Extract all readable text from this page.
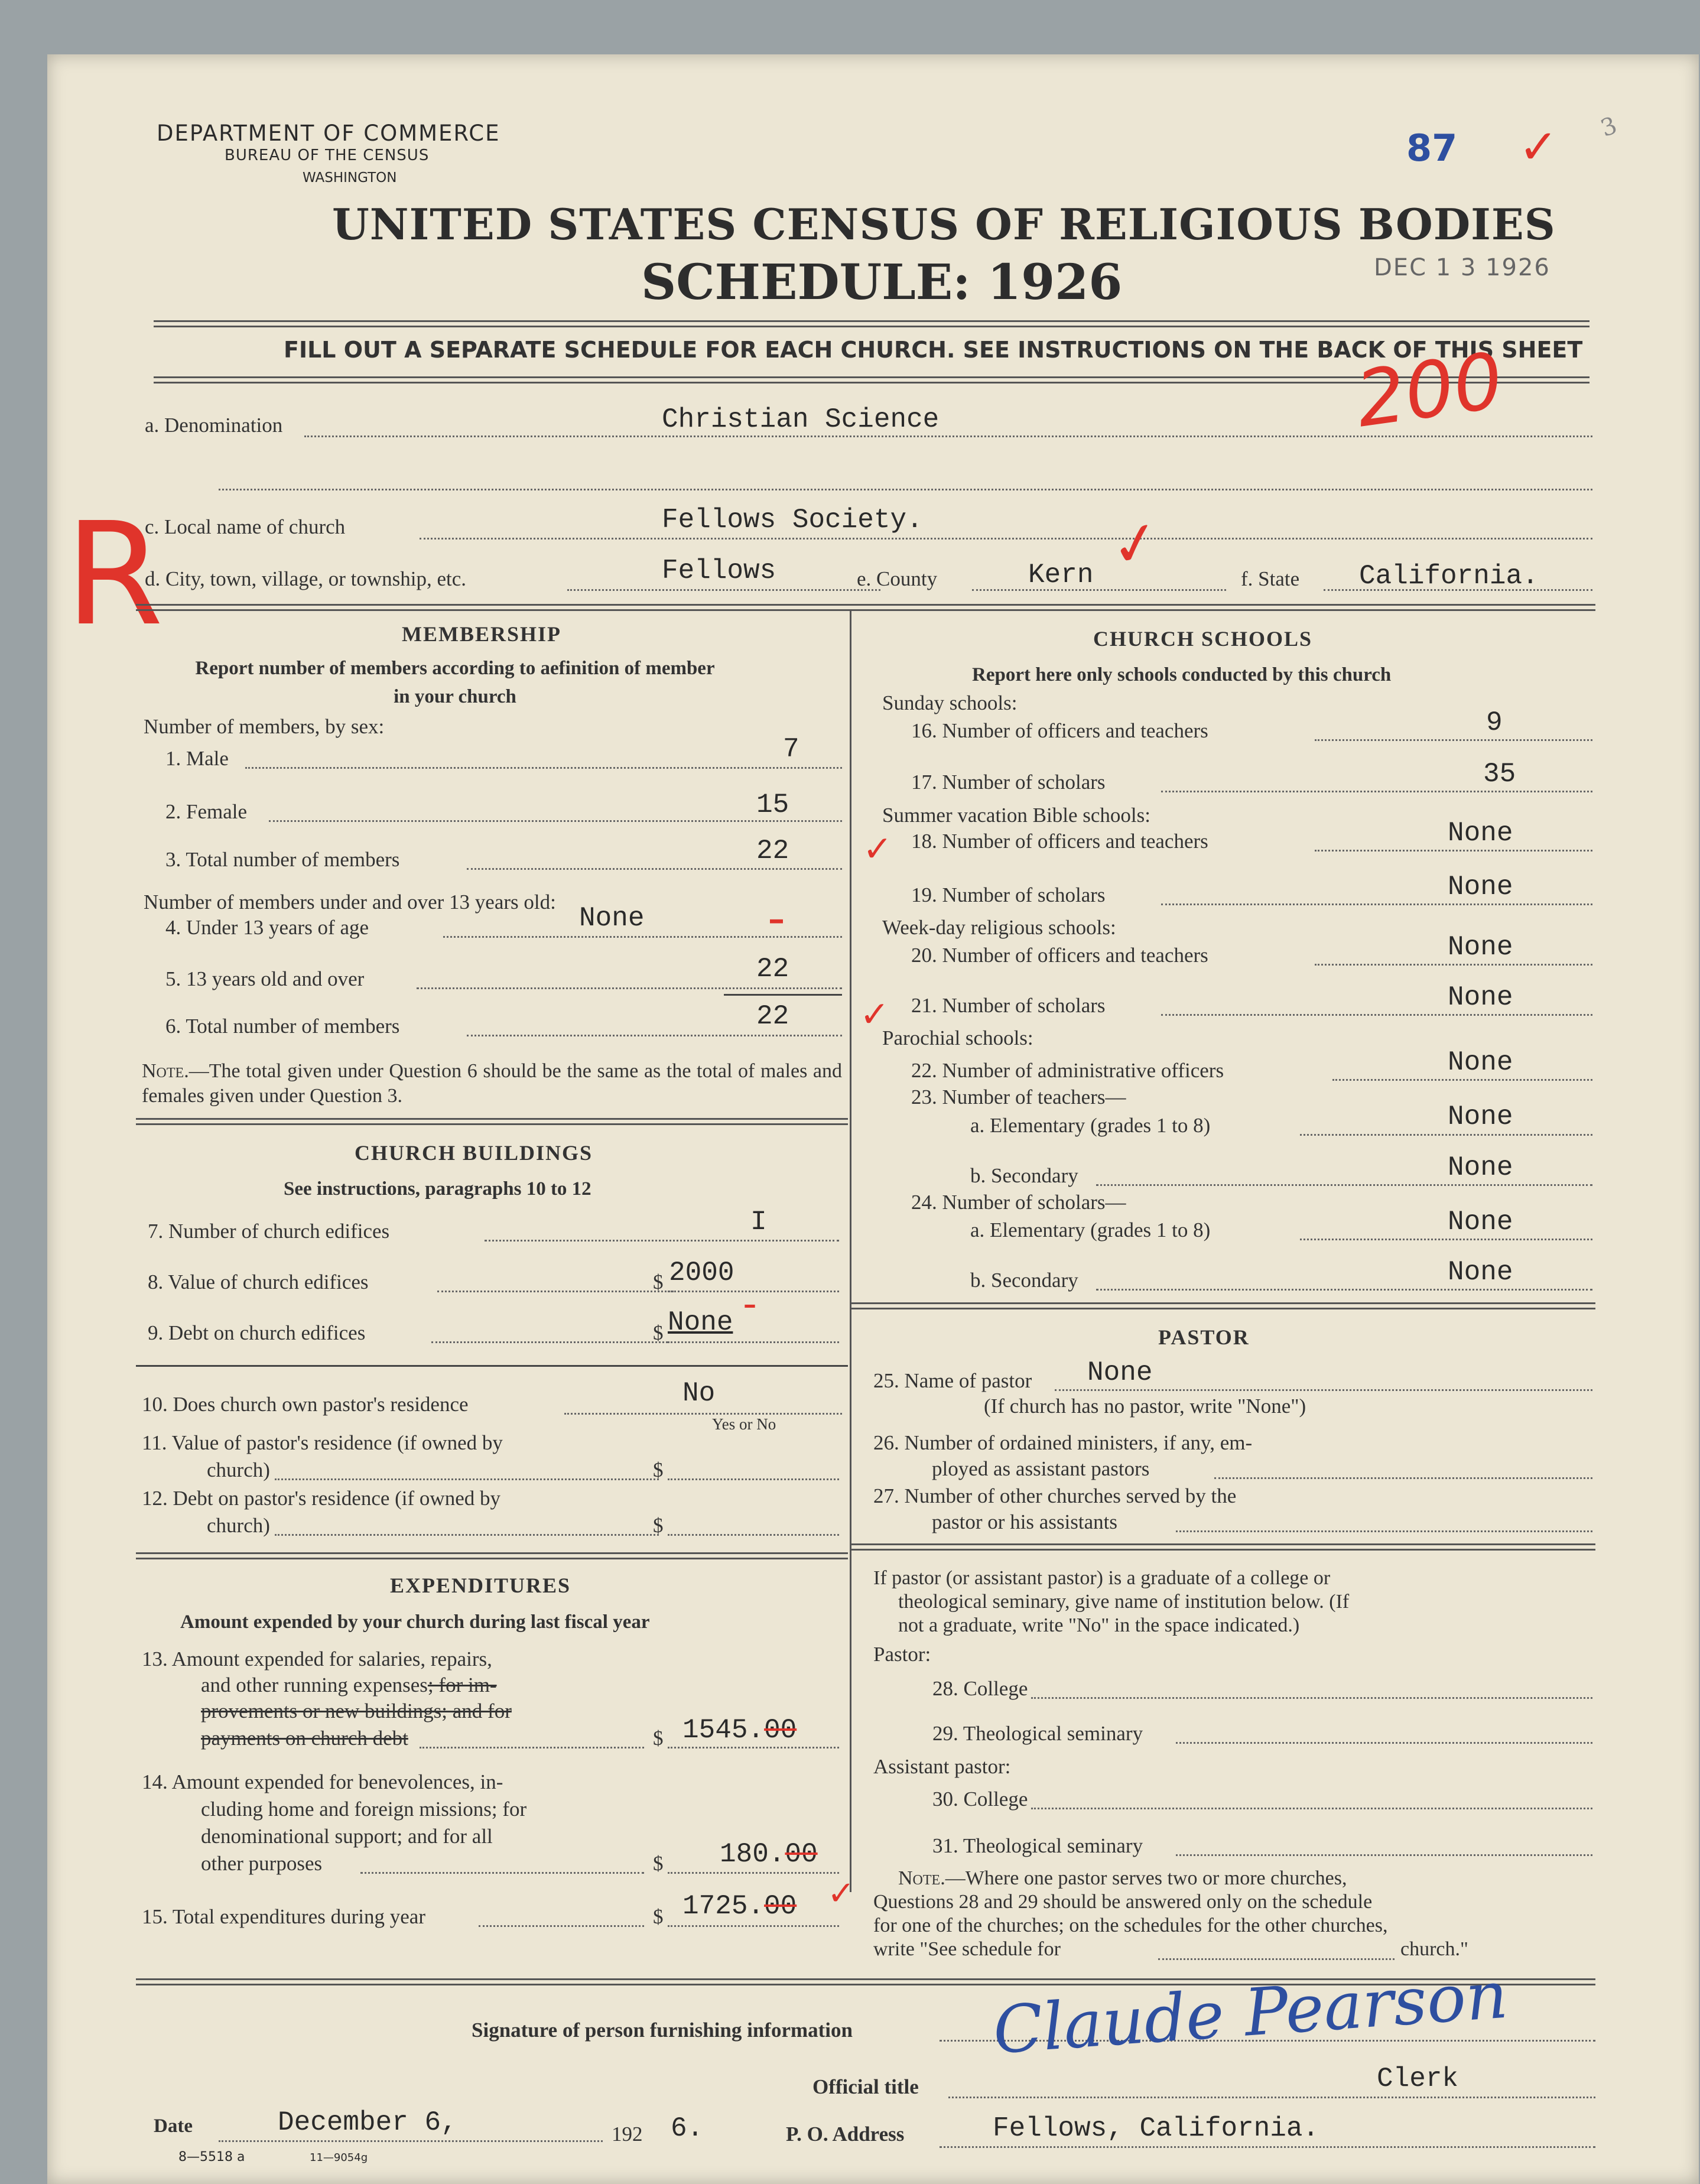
DEPARTMENT OF COMMERCE
BUREAU OF THE CENSUS
WASHINGTON
87 ✓ 3
UNITED STATES CENSUS OF RELIGIOUS BODIES
SCHEDULE: 1926	DEC 1 3 1926
FILL OUT A SEPARATE SCHEDULE FOR EACH CHURCH. SEE INSTRUCTIONS ON THE BACK OF THIS SHEET
200
R
a. Denomination	Christian Science
c. Local name of church	Fellows Society.	✓
d. City, town, village, or township, etc.	Fellows	e. County	Kern	f. State California.
MEMBERSHIP
Report number of members according to aefinition of member in your church
Number of members, by sex:
1. Male	7
2. Female	15
3. Total number of members	22 ✓
Number of members under and over 13 years old:
4. Under 13 years of age	None	–
5. 13 years old and over	22
6. Total number of members	22 ✓
Note.—The total given under Question 6 should be the same as the total of males and females given under Question 3.
CHURCH BUILDINGS
See instructions, paragraphs 10 to 12
7. Number of church edifices	I
8. Value of church edifices	$ 2000
9. Debt on church edifices	$ None
–
10. Does church own pastor's residence	No
Yes or No
11. Value of pastor's residence (if owned by
church)	$
12. Debt on pastor's residence (if owned by
church)	$
EXPENDITURES
Amount expended by your church during last fiscal year
13. Amount expended for salaries, repairs,
and other running expenses; for im-
provements or new buildings; and for
payments on church debt	$ 1545.00
14. Amount expended for benevolences, in-
cluding home and foreign missions; for
denominational support; and for all
other purposes	$ 180.00
15. Total expenditures during year	$ 1725.00 ✓
CHURCH SCHOOLS
Report here only schools conducted by this church
Sunday schools:
16. Number of officers and teachers	9
17. Number of scholars	35
Summer vacation Bible schools:
18. Number of officers and teachers	None
19. Number of scholars	None
Week-day religious schools:
20. Number of officers and teachers	None
21. Number of scholars	None
Parochial schools:
22. Number of administrative officers	None
23. Number of teachers—
a. Elementary (grades 1 to 8)	None
b. Secondary	None
24. Number of scholars—
a. Elementary (grades 1 to 8)	None
b. Secondary	None
PASTOR
25. Name of pastor None
(If church has no pastor, write "None")
26. Number of ordained ministers, if any, em-
ployed as assistant pastors
27. Number of other churches served by the
pastor or his assistants
If pastor (or assistant pastor) is a graduate of a college or
theological seminary, give name of institution below. (If
not a graduate, write "No" in the space indicated.)
Pastor:
28. College
29. Theological seminary
Assistant pastor:
30. College
31. Theological seminary
Note.—Where one pastor serves two or more churches,
Questions 28 and 29 should be answered only on the schedule
for one of the churches; on the schedules for the other churches,
write "See schedule for	church."
Signature of person furnishing information Claude Pearson
Official title	Clerk
Date	December 6,	192 6.	P. O. Address	Fellows, California.
8—5518 a	11—9054g
